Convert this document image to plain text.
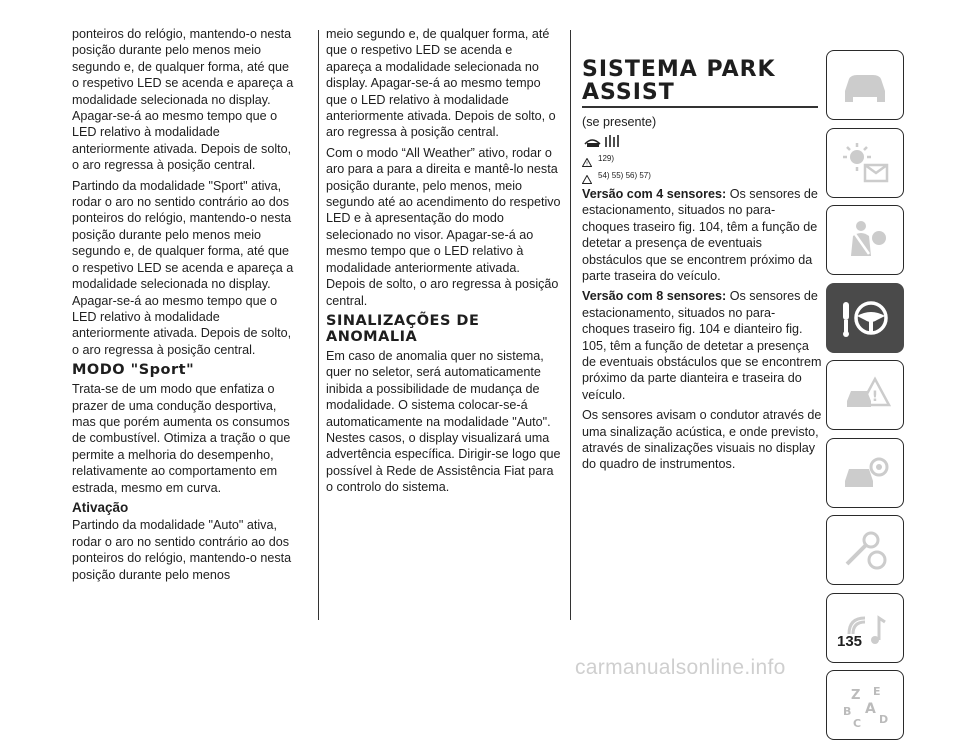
ponteiros do relógio, mantendo-o nesta posição durante pelo menos meio segundo e, de qualquer forma, até que o respetivo LED se acenda e apareça a modalidade selecionada no display. Apagar-se-á ao mesmo tempo que o LED relativo à modalidade anteriormente ativada. Depois de solto, o aro regressa à posição central.

Partindo da modalidade "Sport" ativa, rodar o aro no sentido contrário ao dos ponteiros do relógio, mantendo-o nesta posição durante pelo menos meio segundo e, de qualquer forma, até que o respetivo LED se acenda e apareça a modalidade selecionada no display. Apagar-se-á ao mesmo tempo que o LED relativo à modalidade anteriormente ativada. Depois de solto, o aro regressa à posição central.

MODO "Sport"

Trata-se de um modo que enfatiza o prazer de uma condução desportiva, mas que porém aumenta os consumos de combustível. Otimiza a tração o que permite a melhoria do desempenho, relativamente ao comportamento em estrada, mesmo em curva.

Ativação

Partindo da modalidade "Auto" ativa, rodar o aro no sentido contrário ao dos ponteiros do relógio, mantendo-o nesta posição durante pelo menos

meio segundo e, de qualquer forma, até que o respetivo LED se acenda e apareça a modalidade selecionada no display. Apagar-se-á ao mesmo tempo que o LED relativo à modalidade anteriormente ativada. Depois de solto, o aro regressa à posição central.

Com o modo “All Weather” ativo, rodar o aro para a para a direita e mantê-lo nesta posição durante, pelo menos, meio segundo até ao acendimento do respetivo LED e à apresentação do modo selecionado no visor. Apagar-se-á ao mesmo tempo que o LED relativo à modalidade anteriormente ativada. Depois de solto, o aro regressa à posição central.

SINALIZAÇÕES DE ANOMALIA

Em caso de anomalia quer no sistema, quer no seletor, será automaticamente inibida a possibilidade de mudança de modalidade. O sistema colocar-se-á automaticamente na modalidade "Auto". Nestes casos, o display visualizará uma advertência específica. Dirigir-se logo que possível à Rede de Assistência Fiat para o controlo do sistema.

SISTEMA PARK ASSIST

(se presente)

!
129)
54) 55) 56) 57)

Versão com 4 sensores: Os sensores de estacionamento, situados no para-choques traseiro fig. 104, têm a função de detetar a presença de eventuais obstáculos que se encontrem próximo da parte traseira do veículo.

Versão com 8 sensores: Os sensores de estacionamento, situados no para-choques traseiro fig. 104 e dianteiro fig. 105, têm a função de detetar a presença de eventuais obstáculos que se encontrem próximo da parte dianteira e traseira do veículo.

Os sensores avisam o condutor através de uma sinalização acústica, e onde previsto, através de sinalizações visuais no display do quadro de instrumentos.

!
Z E
B A
C D
135
carmanualsonline.info
